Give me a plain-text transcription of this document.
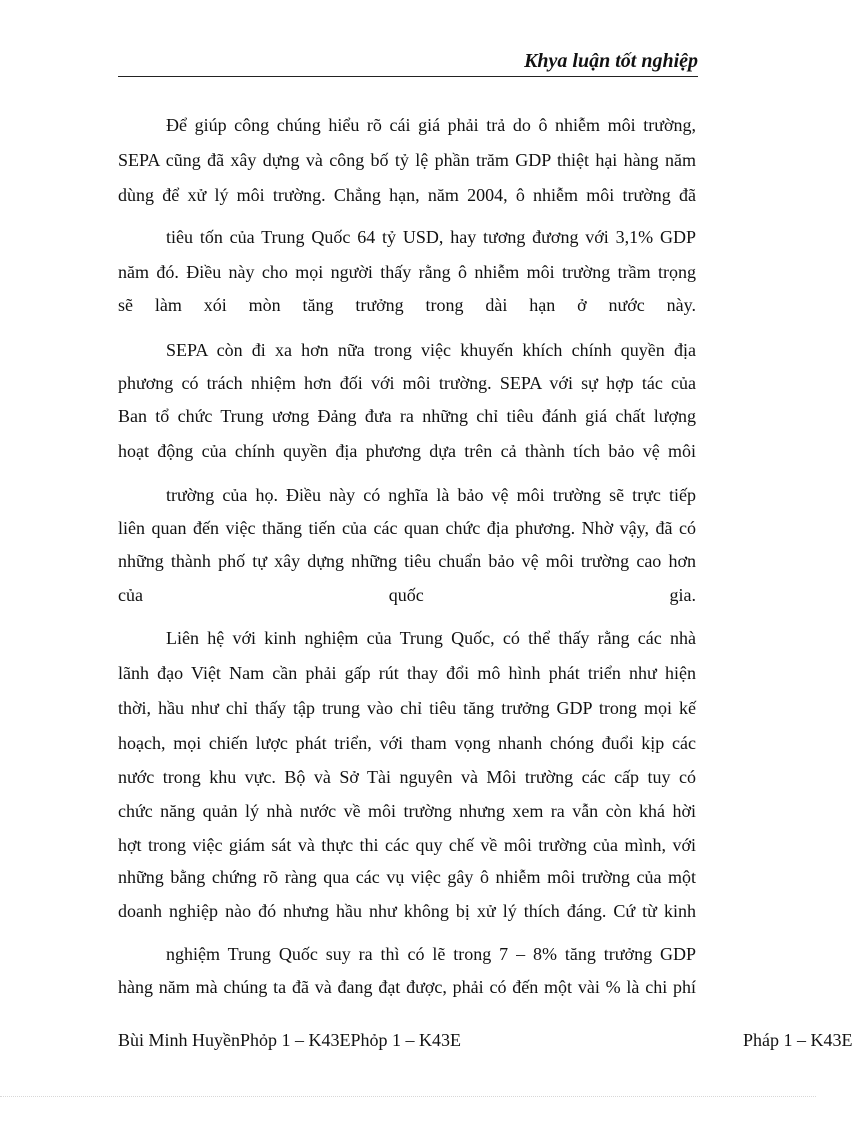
Khya luận tốt nghiệp
Để giúp công chúng hiểu rõ cái giá phải trả do ô nhiễm môi trường,
SEPA cũng đã xây dựng và công bố tỷ lệ phần trăm GDP thiệt hại hàng năm
dùng để xử lý môi trường. Chẳng hạn, năm 2004, ô nhiễm môi trường đã
tiêu tốn của Trung Quốc 64 tỷ USD, hay tương đương với 3,1% GDP
năm đó. Điều này cho mọi người thấy rằng ô nhiễm môi trường trầm trọng
sẽ làm xói mòn tăng trưởng trong dài hạn ở nước này.
SEPA còn đi xa hơn nữa trong việc khuyến khích chính quyền địa
phương có trách nhiệm hơn đối với môi trường. SEPA với sự hợp tác của
Ban tổ chức Trung ương Đảng đưa ra những chỉ tiêu đánh giá chất lượng
hoạt động của chính quyền địa phương dựa trên cả thành tích bảo vệ môi
trường của họ. Điều này có nghĩa là bảo vệ môi trường sẽ trực tiếp
liên quan đến việc thăng tiến của các quan chức địa phương. Nhờ vậy, đã có
những thành phố tự xây dựng những tiêu chuẩn bảo vệ môi trường cao hơn
của quốc gia.
Liên hệ với kinh nghiệm của Trung Quốc, có thể thấy rằng các nhà
lãnh đạo Việt Nam cần phải gấp rút thay đổi mô hình phát triển như hiện
thời, hầu như chỉ thấy tập trung vào chỉ tiêu tăng trưởng GDP trong mọi kế
hoạch, mọi chiến lược phát triển, với tham vọng nhanh chóng đuổi kịp các
nước trong khu vực. Bộ và Sở Tài nguyên và Môi trường các cấp tuy có
chức năng quản lý nhà nước về môi trường nhưng xem ra vẫn còn khá hời
hợt trong việc giám sát và thực thi các quy chế về môi trường của mình, với
những bằng chứng rõ ràng qua các vụ việc gây ô nhiễm môi trường của một
doanh nghiệp nào đó nhưng hầu như không bị xử lý thích đáng. Cứ từ kinh
nghiệm Trung Quốc suy ra thì có lẽ trong 7 – 8% tăng trưởng GDP
hàng năm mà chúng ta đã và đang đạt được, phải có đến một vài % là chi phí
Bùi Minh HuyềnPhỏp 1 – K43EPhỏp 1 – K43E	Pháp 1 – K43E
